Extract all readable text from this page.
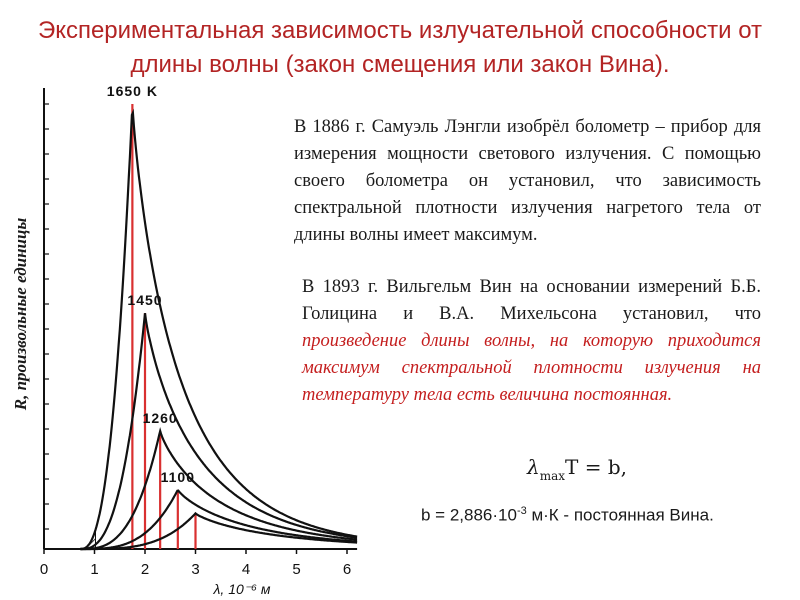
Экспериментальная зависимость излучательной способности от
длины волны (закон смещения или закон Вина).
1650 K
1450
1260
1100
0	1	2	3	4	5	6
λ, 10⁻⁶ м
R, произвольные единицы
В 1886 г. Самуэль Лэнгли изобрёл болометр – прибор для измерения мощности светового излучения. С помощью своего болометра он установил, что зависимость спектральной плотности излучения нагретого тела от длины волны имеет максимум.
В 1893 г. Вильгельм Вин на основании измерений Б.Б. Голицина и В.А. Михельсона установил, что произведение длины волны, на которую приходится максимум спектральной плотности излучения на температуру тела есть величина постоянная.
$\lambda_{max}T = b$,
$b = 2,886\cdot 10^{-3}$ м·К - постоянная Вина.
